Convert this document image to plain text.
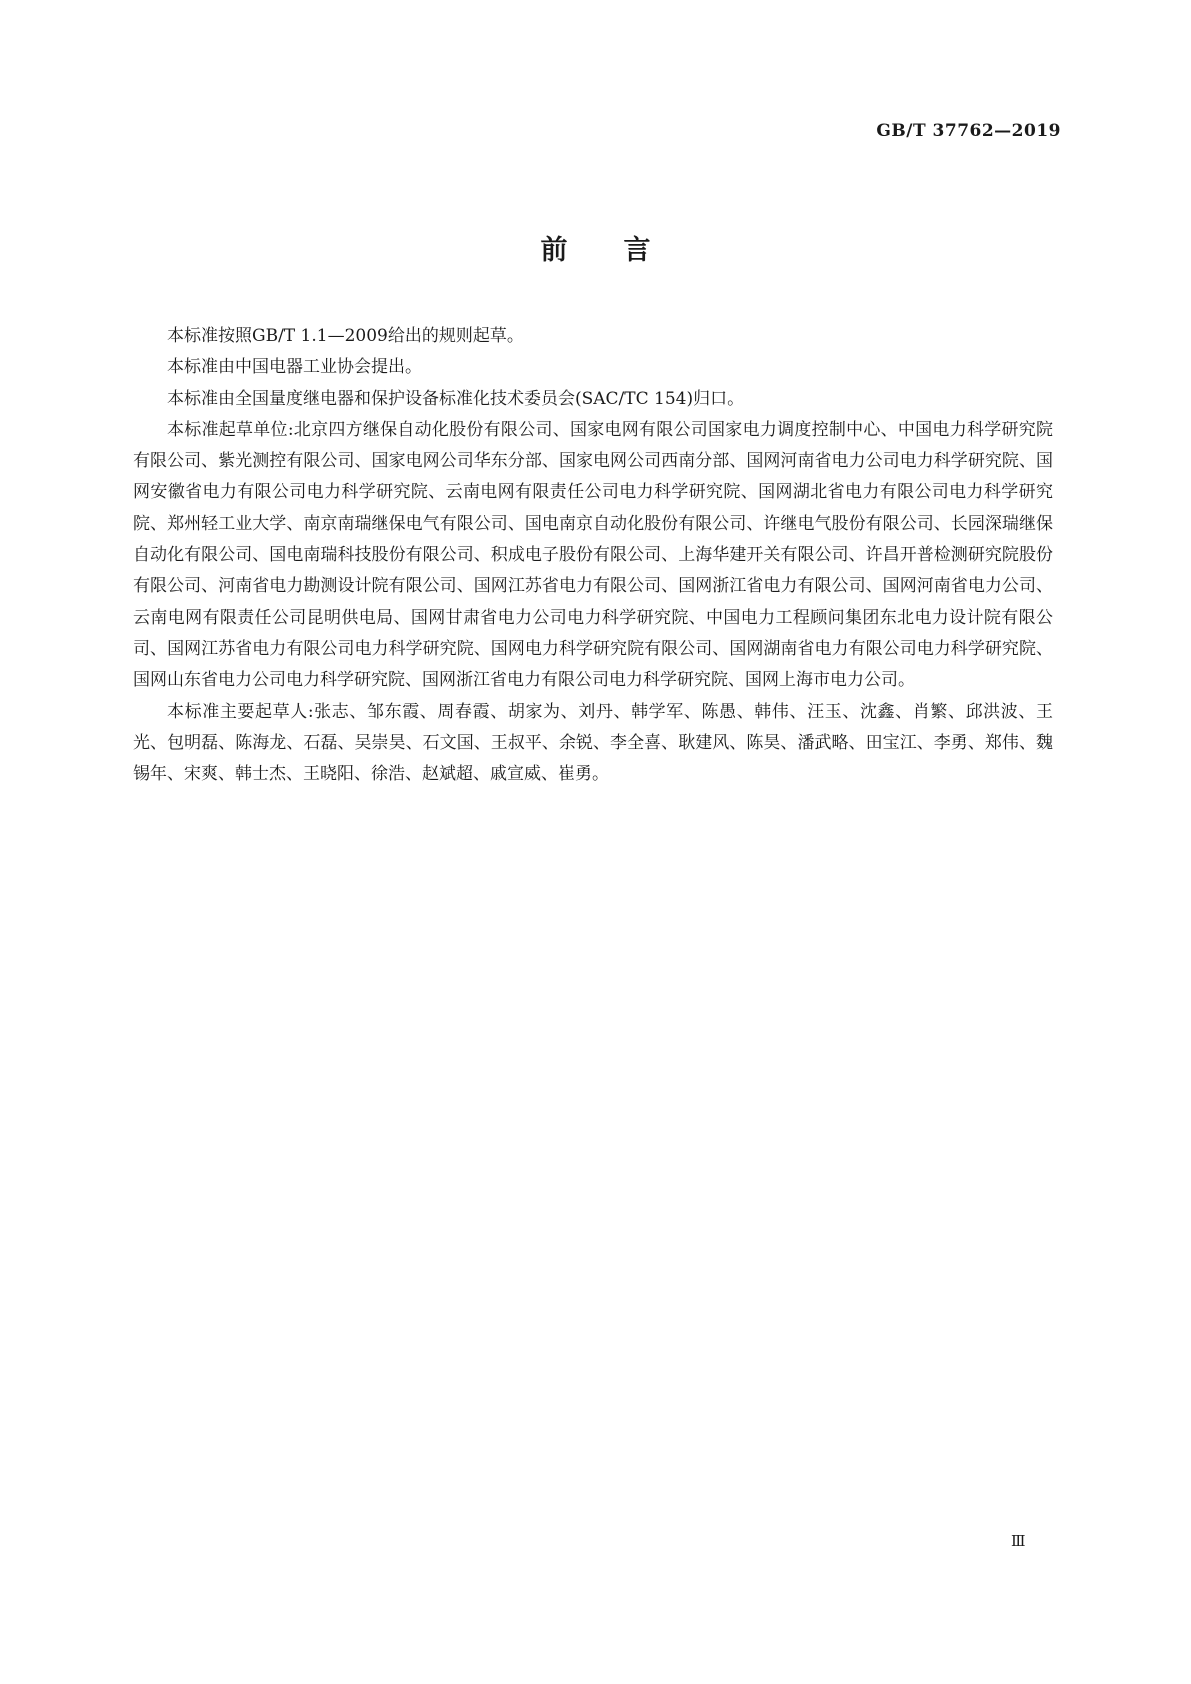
GB/T 37762—2019
前言

本标准按照GB/T 1.1—2009给出的规则起草。

本标准由中国电器工业协会提出。

本标准由全国量度继电器和保护设备标准化技术委员会(SAC/TC 154)归口。

本标准起草单位:北京四方继保自动化股份有限公司、国家电网有限公司国家电力调度控制中心、中国电力科学研究院有限公司、紫光测控有限公司、国家电网公司华东分部、国家电网公司西南分部、国网河南省电力公司电力科学研究院、国网安徽省电力有限公司电力科学研究院、云南电网有限责任公司电力科学研究院、国网湖北省电力有限公司电力科学研究院、郑州轻工业大学、南京南瑞继保电气有限公司、国电南京自动化股份有限公司、许继电气股份有限公司、长园深瑞继保自动化有限公司、国电南瑞科技股份有限公司、积成电子股份有限公司、上海华建开关有限公司、许昌开普检测研究院股份有限公司、河南省电力勘测设计院有限公司、国网江苏省电力有限公司、国网浙江省电力有限公司、国网河南省电力公司、云南电网有限责任公司昆明供电局、国网甘肃省电力公司电力科学研究院、中国电力工程顾问集团东北电力设计院有限公司、国网江苏省电力有限公司电力科学研究院、国网电力科学研究院有限公司、国网湖南省电力有限公司电力科学研究院、国网山东省电力公司电力科学研究院、国网浙江省电力有限公司电力科学研究院、国网上海市电力公司。

本标准主要起草人:张志、邹东霞、周春霞、胡家为、刘丹、韩学军、陈愚、韩伟、汪玉、沈鑫、肖繁、邱洪波、王光、包明磊、陈海龙、石磊、吴崇昊、石文国、王叔平、余锐、李全喜、耿建风、陈昊、潘武略、田宝江、李勇、郑伟、魏锡年、宋爽、韩士杰、王晓阳、徐浩、赵斌超、戚宣威、崔勇。

Ⅲ
